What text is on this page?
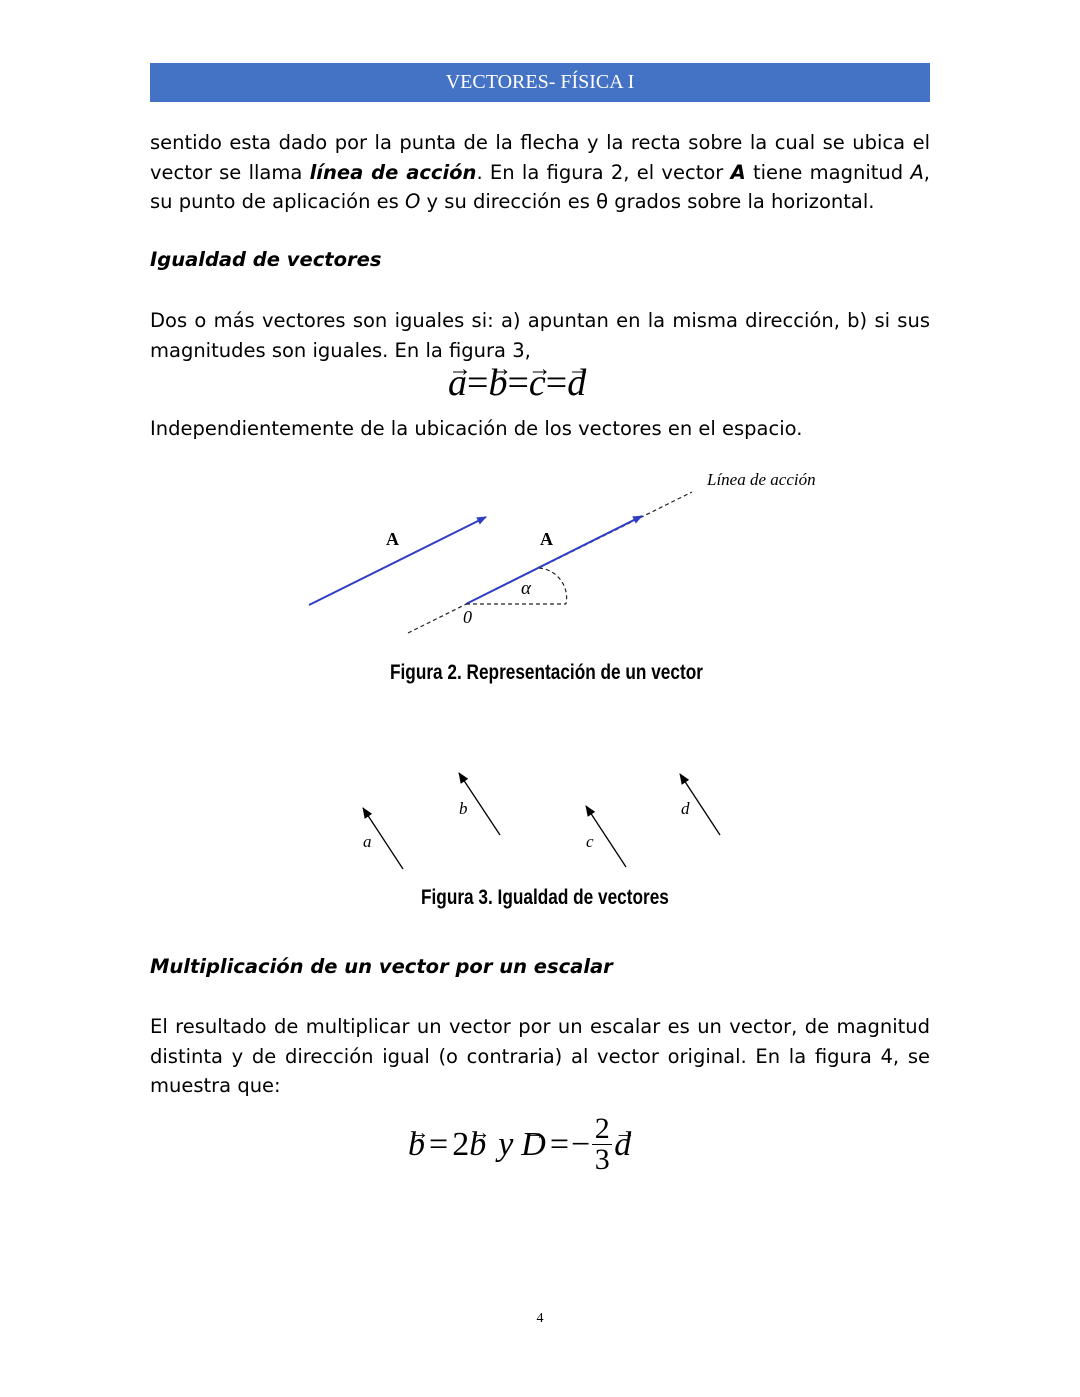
VECTORES- FÍSICA I
sentido esta dado por la punta de la flecha y la recta sobre la cual se ubica el vector se llama línea de acción. En la figura 2, el vector A tiene magnitud A, su punto de aplicación es O y su dirección es θ grados sobre la horizontal.
Igualdad de vectores
Dos o más vectores son iguales si: a) apuntan en la misma dirección, b) si sus magnitudes son iguales. En la figura 3,
→ a=→ b=→ c=→ d
Independientemente de la ubicación de los vectores en el espacio.
Línea de acción
A	A
α
0
Figura 2. Representación de un vector
a
b
c
d
Figura 3. Igualdad de vectores
Multiplicación de un vector por un escalar
El resultado de multiplicar un vector por un escalar es un vector, de magnitud distinta y de dirección igual (o contraria) al vector original. En la figura 4, se muestra que:
→ b = 2 → b y → D = − 2
3 → d
4
